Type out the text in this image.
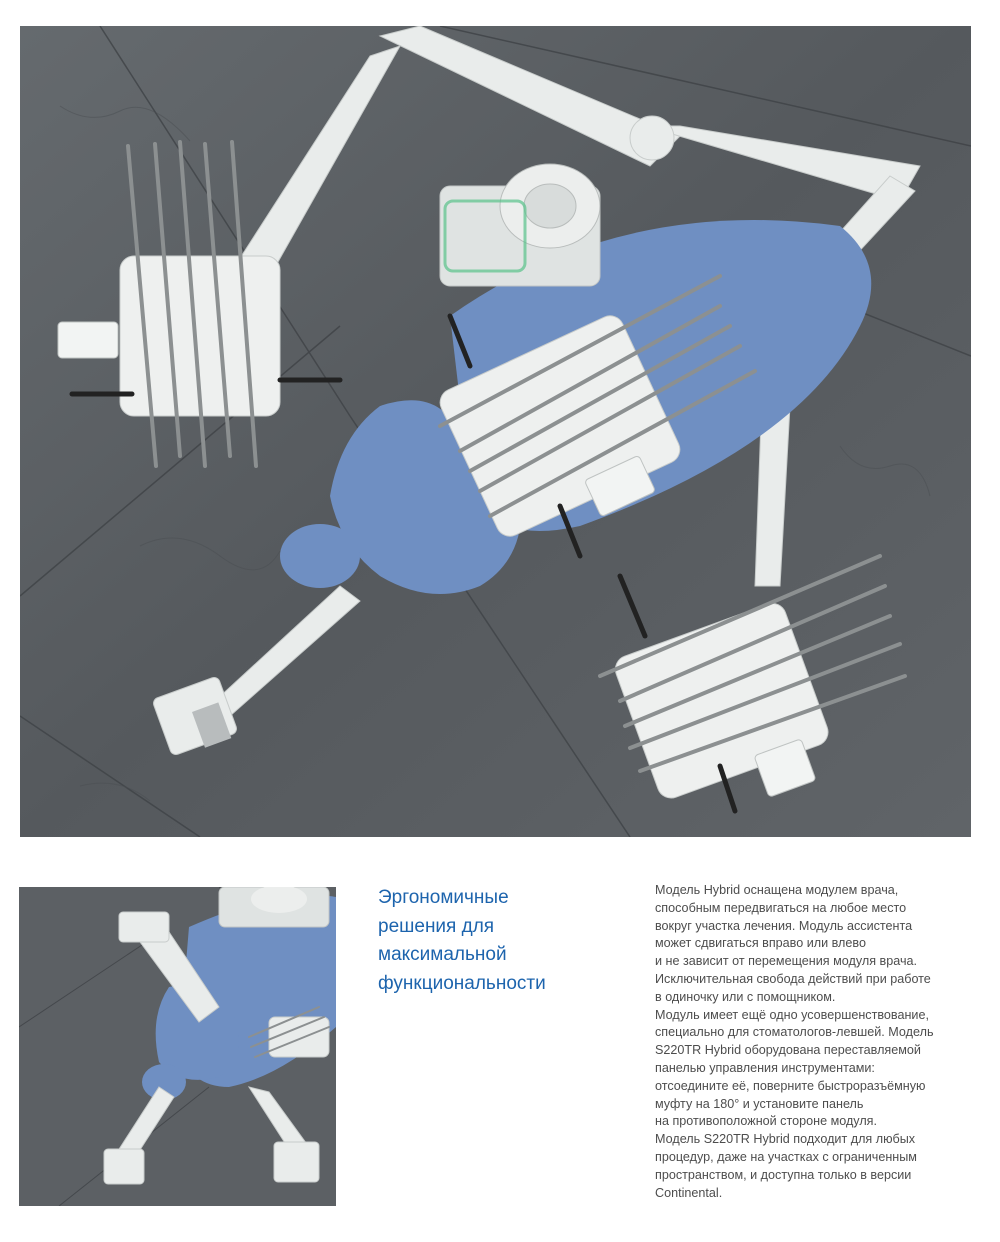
Эргономичные
решения для
максимальной
функциональности

Модель Hybrid оснащена модулем врача,
способным передвигаться на любое место
вокруг участка лечения. Модуль ассистента
может сдвигаться вправо или влево
и не зависит от перемещения модуля врача.
Исключительная свобода действий при работе
в одиночку или с помощником.
Модуль имеет ещё одно усовершенствование,
специально для стоматологов-левшей. Модель
S220TR Hybrid оборудована переставляемой
панелью управления инструментами:
отсоедините её, поверните быстроразъёмную
муфту на 180° и установите панель
на противоположной стороне модуля.
Модель S220TR Hybrid подходит для любых
процедур, даже на участках с ограниченным
пространством, и доступна только в версии
Continental.
